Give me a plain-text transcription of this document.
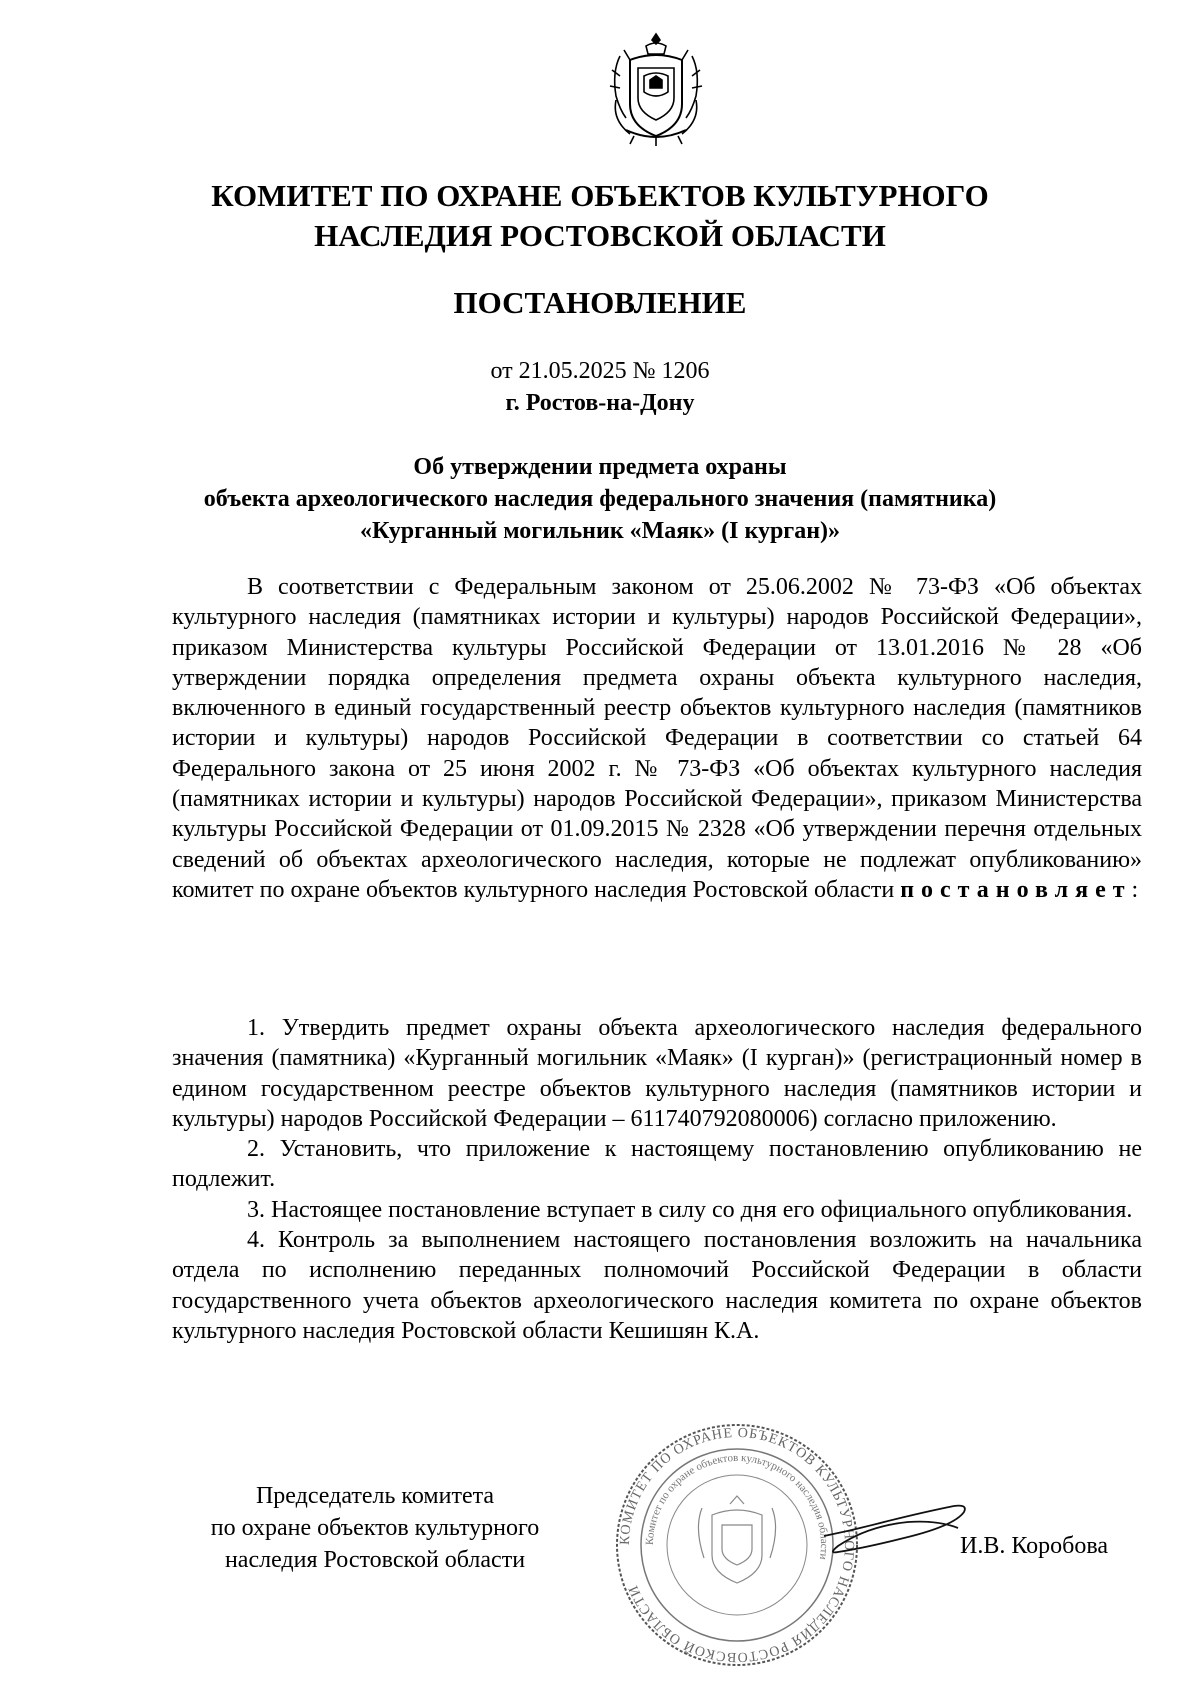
КОМИТЕТ ПО ОХРАНЕ ОБЪЕКТОВ КУЛЬТУРНОГО
НАСЛЕДИЯ РОСТОВСКОЙ ОБЛАСТИ
ПОСТАНОВЛЕНИЕ
от 21.05.2025 № 1206
г. Ростов-на-Дону
Об утверждении предмета охраны
объекта археологического наследия федерального значения (памятника)
«Курганный могильник «Маяк» (I курган)»

В соответствии с Федеральным законом от 25.06.2002 № 73-ФЗ «Об объектах культурного наследия (памятниках истории и культуры) народов Российской Федерации», приказом Министерства культуры Российской Федерации от 13.01.2016 № 28 «Об утверждении порядка определения предмета охраны объекта культурного наследия, включенного в единый государственный реестр объектов культурного наследия (памятников истории и культуры) народов Российской Федерации в соответствии со статьей 64 Федерального закона от 25 июня 2002 г. № 73-ФЗ «Об объектах культурного наследия (памятниках истории и культуры) народов Российской Федерации», приказом Министерства культуры Российской Федерации от 01.09.2015 № 2328 «Об утверждении перечня отдельных сведений об объектах археологического наследия, которые не подлежат опубликованию» комитет по охране объектов культурного наследия Ростовской области постановляет:

1. Утвердить предмет охраны объекта археологического наследия федерального значения (памятника) «Курганный могильник «Маяк» (I курган)» (регистрационный номер в едином государственном реестре объектов культурного наследия (памятников истории и культуры) народов Российской Федерации – 611740792080006) согласно приложению.

2. Установить, что приложение к настоящему постановлению опубликованию не подлежит.

3. Настоящее постановление вступает в силу со дня его официального опубликования.

4. Контроль за выполнением настоящего постановления возложить на начальника отдела по исполнению переданных полномочий Российской Федерации в области государственного учета объектов археологического наследия комитета по охране объектов культурного наследия Ростовской области Кешишян К.А.

Председатель комитета
по охране объектов культурного
наследия Ростовской области
КОМИТЕТ ПО ОХРАНЕ ОБЪЕКТОВ КУЛЬТУРНОГО НАСЛЕДИЯ РОСТОВСКОЙ ОБЛАСТИ
Комитет по охране объектов культурного наследия области	И.В. Коробова
